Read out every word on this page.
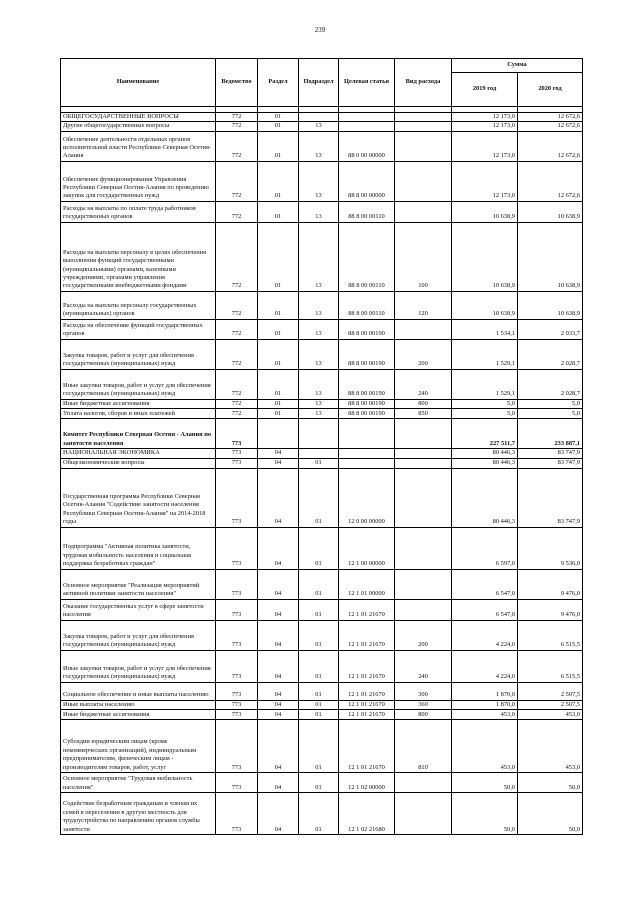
239
Наименование	Ведомство	Раздел	Подраздел	Целевая статья	Вид расхода	Сумма	
						2019 год	2020 год

ОБЩЕГОСУДАРСТВЕННЫЕ ВОПРОСЫ	772	01				12 173,0	12 672,6
Другие общегосударственные вопросы	772	01	13			12 173,0	12 672,6
Обеспечение деятельности отдельных органов исполнительной власти Республики Северная Осетия-Алания	772	01	13	88 0 00 00000		12 173,0	12 672,6
Обеспечение функционирования Управления Республики Северная Осетия-Алания по проведению закупок для государственных нужд	772	01	13	88 8 00 00000		12 173,0	12 672,6
Расходы на выплаты по оплате труда работников государственных органов	772	01	13	88 8 00 00110		10 638,9	10 638,9
Расходы на выплаты персоналу в целях обеспечения выполнения функций государственными (муниципальными) органами, казенными учреждениями, органами управления государственными внебюджетными фондами	772	01	13	88 8 00 00110	100	10 638,9	10 638,9
Расходы на выплаты персоналу государственных (муниципальных) органов	772	01	13	88 8 00 00110	120	10 638,9	10 638,9
Расходы на обеспечение функций государственных органов	772	01	13	88 8 00 00190		1 534,1	2 033,7
Закупка товаров, работ и услуг для обеспечения государственных (муниципальных) нужд	772	01	13	88 8 00 00190	200	1 529,1	2 028,7
Иные закупки товаров, работ и услуг для обеспечения государственных (муниципальных) нужд	772	01	13	88 8 00 00190	240	1 529,1	2 028,7
Иные бюджетные ассигнования	772	01	13	88 8 00 00190	800	5,0	5,0
Уплата налогов, сборов и иных платежей	772	01	13	88 8 00 00190	850	5,0	5,0
Комитет Республики Северная Осетия - Алания по занятости населения	773					227 511,7	233 887,1
НАЦИОНАЛЬНАЯ ЭКОНОМИКА	773	04				80 446,3	83 747,9
Общеэкономические вопросы	773	04	01			80 446,3	83 747,9
Государственная программа Республики Северная Осетия-Алания "Содействие занятости населения Республики Северная Осетия-Алания" на 2014-2018 годы	773	04	01	12 0 00 00000		80 446,3	83 747,9
Подпрограмма "Активная политика занятости, трудовая мобильность населения и социальная поддержка безработных граждан"	773	04	01	12 1 00 00000		6 597,0	9 536,0
Основное мероприятие "Реализация мероприятий активной политики занятости населения"	773	04	01	12 1 01 00000		6 547,0	9 476,0
Оказание государственных услуг в сфере занятости населения	773	04	01	12 1 01 21670		6 547,0	9 476,0
Закупка товаров, работ и услуг для обеспечения государственных (муниципальных) нужд	773	04	01	12 1 01 21670	200	4 224,0	6 515,5
Иные закупки товаров, работ и услуг для обеспечения государственных (муниципальных) нужд	773	04	01	12 1 01 21670	240	4 224,0	6 515,5
Социальное обеспечение и иные выплаты населению	773	04	01	12 1 01 21670	300	1 870,0	2 507,5
Иные выплаты населению	773	04	01	12 1 01 21670	360	1 870,0	2 507,5
Иные бюджетные ассигнования	773	04	01	12 1 01 21670	800	453,0	453,0
Субсидии юридическим лицам (кроме некоммерческих организаций), индивидуальным предпринимателям, физическим лицам - производителям товаров, работ, услуг	773	04	01	12 1 01 21670	810	453,0	453,0
Основное мероприятие "Трудовая мобильность населения"	773	04	01	12 1 02 00000		50,0	50,0
Содействие безработным гражданам и членам их семей в переселении в другую местность для трудоустройства по направлению органов службы занятости	773	04	01	12 1 02 21680		50,0	50,0
